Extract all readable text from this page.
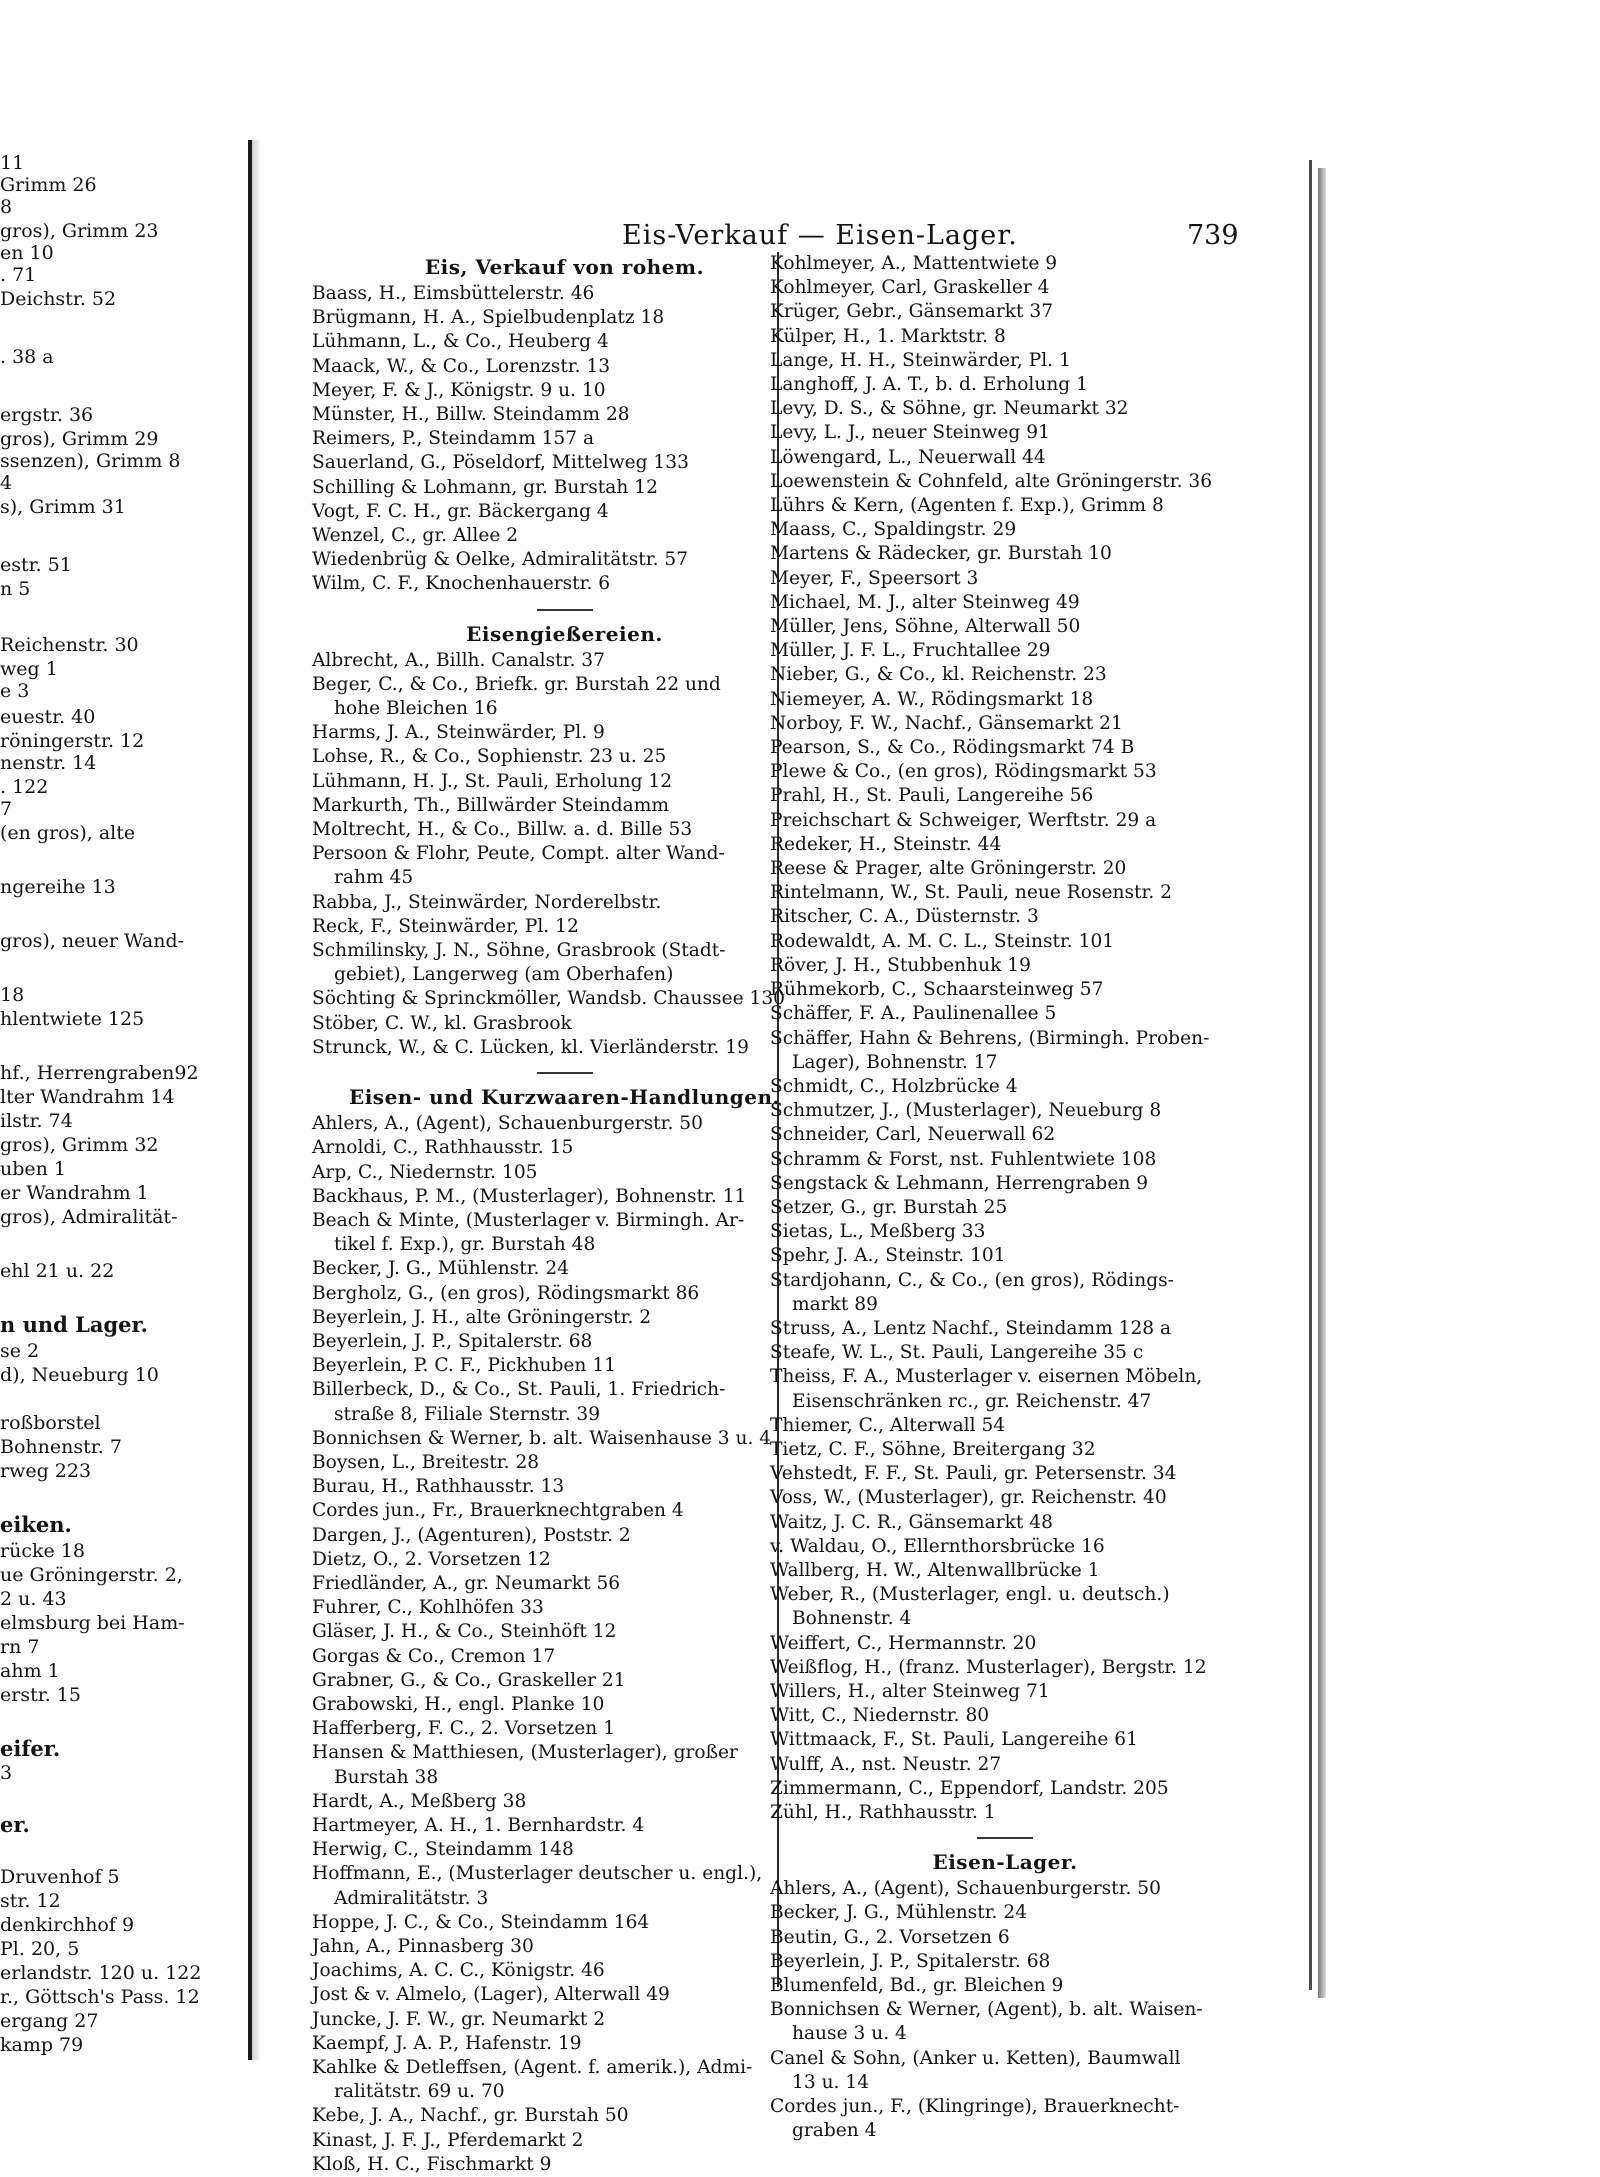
11
Grimm 26
8
gros), Grimm 23
en 10
. 71
Deichstr. 52
. 38 a
ergstr. 36
gros), Grimm 29
ssenzen), Grimm 8
4
s), Grimm 31
estr. 51
n 5
Reichenstr. 30
weg 1
e 3
euestr. 40
röningerstr. 12
nenstr. 14
. 122
7
(en gros), alte
ngereihe 13
gros), neuer Wand-
18
hlentwiete 125
hf., Herrengraben92
lter Wandrahm 14
ilstr. 74
gros), Grimm 32
uben 1
er Wandrahm 1
gros), Admiralität-
ehl 21 u. 22
n und Lager.
se 2
d), Neueburg 10
roßborstel
Bohnenstr. 7
rweg 223
eiken.
rücke 18
ue Gröningerstr. 2,
2 u. 43
elmsburg bei Ham-
rn 7
ahm 1
erstr. 15
eifer.
3
er.
Druvenhof 5
str. 12
denkirchhof 9
Pl. 20, 5
erlandstr. 120 u. 122
r., Göttsch's Pass. 12
ergang 27
kamp 79
Eis-Verkauf — Eisen-Lager.	739
Eis, Verkauf von rohem.
Baass, H., Eimsbüttelerstr. 46
Brügmann, H. A., Spielbudenplatz 18
Lühmann, L., & Co., Heuberg 4
Maack, W., & Co., Lorenzstr. 13
Meyer, F. & J., Königstr. 9 u. 10
Münster, H., Billw. Steindamm 28
Reimers, P., Steindamm 157 a
Sauerland, G., Pöseldorf, Mittelweg 133
Schilling & Lohmann, gr. Burstah 12
Vogt, F. C. H., gr. Bäckergang 4
Wenzel, C., gr. Allee 2
Wiedenbrüg & Oelke, Admiralitätstr. 57
Wilm, C. F., Knochenhauerstr. 6
Eisengießereien.
Albrecht, A., Billh. Canalstr. 37
Beger, C., & Co., Briefk. gr. Burstah 22 und
hohe Bleichen 16
Harms, J. A., Steinwärder, Pl. 9
Lohse, R., & Co., Sophienstr. 23 u. 25
Lühmann, H. J., St. Pauli, Erholung 12
Markurth, Th., Billwärder Steindamm
Moltrecht, H., & Co., Billw. a. d. Bille 53
Persoon & Flohr, Peute, Compt. alter Wand-
rahm 45
Rabba, J., Steinwärder, Norderelbstr.
Reck, F., Steinwärder, Pl. 12
Schmilinsky, J. N., Söhne, Grasbrook (Stadt-
gebiet), Langerweg (am Oberhafen)
Söchting & Sprinckmöller, Wandsb. Chaussee 130
Stöber, C. W., kl. Grasbrook
Strunck, W., & C. Lücken, kl. Vierländerstr. 19
Eisen- und Kurzwaaren-Handlungen.
Ahlers, A., (Agent), Schauenburgerstr. 50
Arnoldi, C., Rathhausstr. 15
Arp, C., Niedernstr. 105
Backhaus, P. M., (Musterlager), Bohnenstr. 11
Beach & Minte, (Musterlager v. Birmingh. Ar-
tikel f. Exp.), gr. Burstah 48
Becker, J. G., Mühlenstr. 24
Bergholz, G., (en gros), Rödingsmarkt 86
Beyerlein, J. H., alte Gröningerstr. 2
Beyerlein, J. P., Spitalerstr. 68
Beyerlein, P. C. F., Pickhuben 11
Billerbeck, D., & Co., St. Pauli, 1. Friedrich-
straße 8, Filiale Sternstr. 39
Bonnichsen & Werner, b. alt. Waisenhause 3 u. 4
Boysen, L., Breitestr. 28
Burau, H., Rathhausstr. 13
Cordes jun., Fr., Brauerknechtgraben 4
Dargen, J., (Agenturen), Poststr. 2
Dietz, O., 2. Vorsetzen 12
Friedländer, A., gr. Neumarkt 56
Fuhrer, C., Kohlhöfen 33
Gläser, J. H., & Co., Steinhöft 12
Gorgas & Co., Cremon 17
Grabner, G., & Co., Graskeller 21
Grabowski, H., engl. Planke 10
Hafferberg, F. C., 2. Vorsetzen 1
Hansen & Matthiesen, (Musterlager), großer
Burstah 38
Hardt, A., Meßberg 38
Hartmeyer, A. H., 1. Bernhardstr. 4
Herwig, C., Steindamm 148
Hoffmann, E., (Musterlager deutscher u. engl.),
Admiralitätstr. 3
Hoppe, J. C., & Co., Steindamm 164
Jahn, A., Pinnasberg 30
Joachims, A. C. C., Königstr. 46
Jost & v. Almelo, (Lager), Alterwall 49
Juncke, J. F. W., gr. Neumarkt 2
Kaempf, J. A. P., Hafenstr. 19
Kahlke & Detleffsen, (Agent. f. amerik.), Admi-
ralitätstr. 69 u. 70
Kebe, J. A., Nachf., gr. Burstah 50
Kinast, J. F. J., Pferdemarkt 2
Kloß, H. C., Fischmarkt 9
Kohlmeyer, A., Mattentwiete 9
Kohlmeyer, Carl, Graskeller 4
Krüger, Gebr., Gänsemarkt 37
Külper, H., 1. Marktstr. 8
Lange, H. H., Steinwärder, Pl. 1
Langhoff, J. A. T., b. d. Erholung 1
Levy, D. S., & Söhne, gr. Neumarkt 32
Levy, L. J., neuer Steinweg 91
Löwengard, L., Neuerwall 44
Loewenstein & Cohnfeld, alte Gröningerstr. 36
Lührs & Kern, (Agenten f. Exp.), Grimm 8
Maass, C., Spaldingstr. 29
Martens & Rädecker, gr. Burstah 10
Meyer, F., Speersort 3
Michael, M. J., alter Steinweg 49
Müller, Jens, Söhne, Alterwall 50
Müller, J. F. L., Fruchtallee 29
Nieber, G., & Co., kl. Reichenstr. 23
Niemeyer, A. W., Rödingsmarkt 18
Norboy, F. W., Nachf., Gänsemarkt 21
Pearson, S., & Co., Rödingsmarkt 74 B
Plewe & Co., (en gros), Rödingsmarkt 53
Prahl, H., St. Pauli, Langereihe 56
Preichschart & Schweiger, Werftstr. 29 a
Redeker, H., Steinstr. 44
Reese & Prager, alte Gröningerstr. 20
Rintelmann, W., St. Pauli, neue Rosenstr. 2
Ritscher, C. A., Düsternstr. 3
Rodewaldt, A. M. C. L., Steinstr. 101
Röver, J. H., Stubbenhuk 19
Rühmekorb, C., Schaarsteinweg 57
Schäffer, F. A., Paulinenallee 5
Schäffer, Hahn & Behrens, (Birmingh. Proben-
Lager), Bohnenstr. 17
Schmidt, C., Holzbrücke 4
Schmutzer, J., (Musterlager), Neueburg 8
Schneider, Carl, Neuerwall 62
Schramm & Forst, nst. Fuhlentwiete 108
Sengstack & Lehmann, Herrengraben 9
Setzer, G., gr. Burstah 25
Sietas, L., Meßberg 33
Spehr, J. A., Steinstr. 101
Stardjohann, C., & Co., (en gros), Rödings-
markt 89
Struss, A., Lentz Nachf., Steindamm 128 a
Steafe, W. L., St. Pauli, Langereihe 35 c
Theiss, F. A., Musterlager v. eisernen Möbeln,
Eisenschränken rc., gr. Reichenstr. 47
Thiemer, C., Alterwall 54
Tietz, C. F., Söhne, Breitergang 32
Vehstedt, F. F., St. Pauli, gr. Petersenstr. 34
Voss, W., (Musterlager), gr. Reichenstr. 40
Waitz, J. C. R., Gänsemarkt 48
v. Waldau, O., Ellernthorsbrücke 16
Wallberg, H. W., Altenwallbrücke 1
Weber, R., (Musterlager, engl. u. deutsch.)
Bohnenstr. 4
Weiffert, C., Hermannstr. 20
Weißflog, H., (franz. Musterlager), Bergstr. 12
Willers, H., alter Steinweg 71
Witt, C., Niedernstr. 80
Wittmaack, F., St. Pauli, Langereihe 61
Wulff, A., nst. Neustr. 27
Zimmermann, C., Eppendorf, Landstr. 205
Zühl, H., Rathhausstr. 1
Eisen-Lager.
Ahlers, A., (Agent), Schauenburgerstr. 50
Becker, J. G., Mühlenstr. 24
Beutin, G., 2. Vorsetzen 6
Beyerlein, J. P., Spitalerstr. 68
Blumenfeld, Bd., gr. Bleichen 9
Bonnichsen & Werner, (Agent), b. alt. Waisen-
hause 3 u. 4
Canel & Sohn, (Anker u. Ketten), Baumwall
13 u. 14
Cordes jun., F., (Klingringe), Brauerknecht-
graben 4
